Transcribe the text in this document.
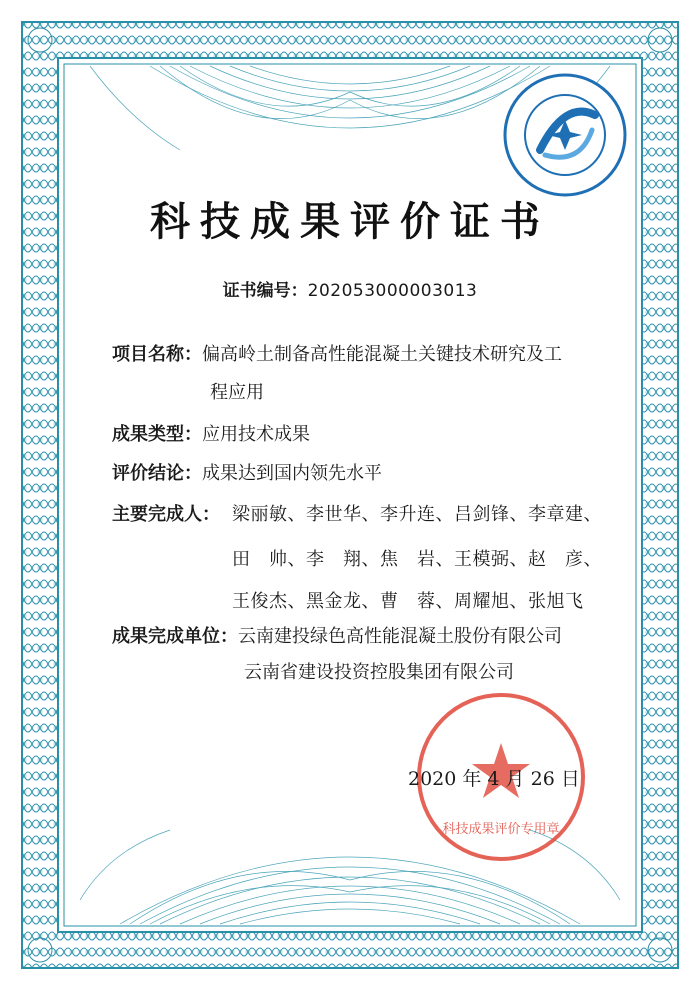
科技成果评价证书
证书编号：202053000003013
项目名称：偏高岭土制备高性能混凝土关键技术研究及工
程应用
成果类型：应用技术成果
评价结论：成果达到国内领先水平
主要完成人： 梁丽敏、李世华、李升连、吕剑锋、李章建、
田　帅、李　翔、焦　岩、王模弼、赵　彦、
王俊杰、黑金龙、曹　蓉、周耀旭、张旭飞
成果完成单位：云南建投绿色高性能混凝土股份有限公司
云南省建设投资控股集团有限公司
科技成果评价专用章
2020 年 4 月 26 日
